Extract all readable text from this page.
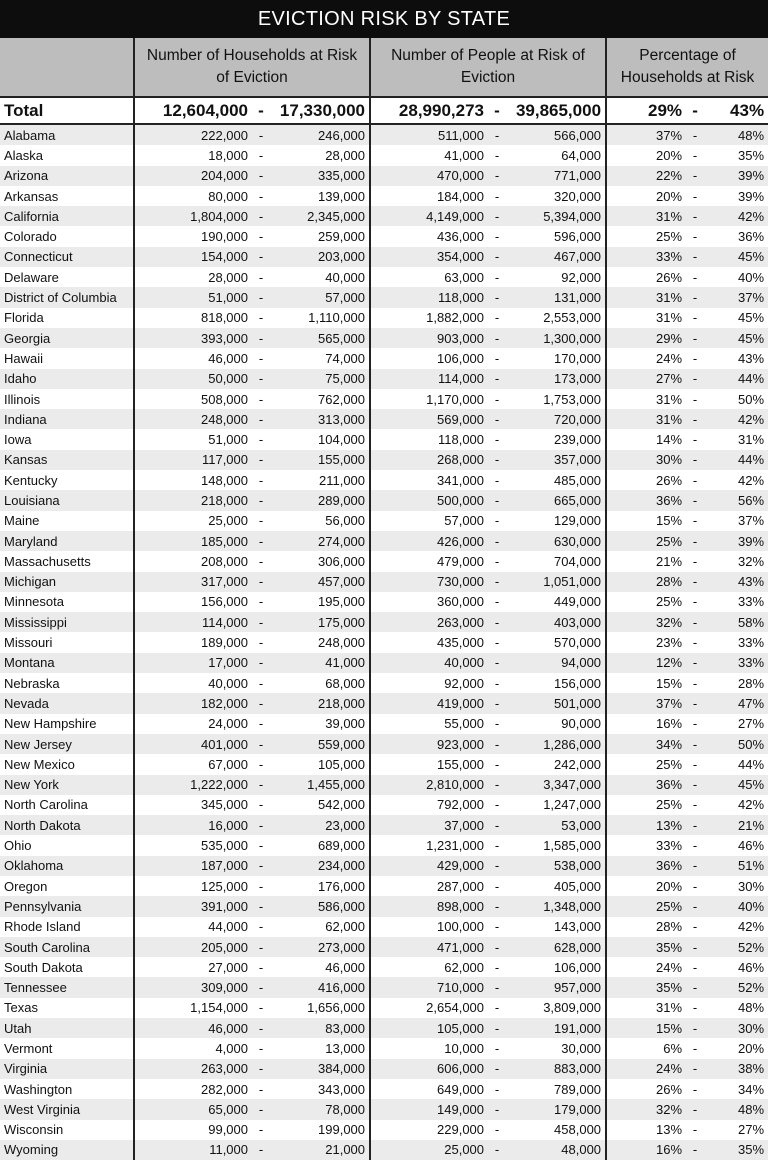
EVICTION RISK BY STATE
	Number of Households at Risk of Eviction			Number of People at Risk of Eviction			Percentage of Households at Risk		
Total	12,604,000	-	17,330,000	28,990,273	-	39,865,000	29%	-	43%
Alabama	222,000	-	246,000	511,000	-	566,000	37%	-	48%
Alaska	18,000	-	28,000	41,000	-	64,000	20%	-	35%
Arizona	204,000	-	335,000	470,000	-	771,000	22%	-	39%
Arkansas	80,000	-	139,000	184,000	-	320,000	20%	-	39%
California	1,804,000	-	2,345,000	4,149,000	-	5,394,000	31%	-	42%
Colorado	190,000	-	259,000	436,000	-	596,000	25%	-	36%
Connecticut	154,000	-	203,000	354,000	-	467,000	33%	-	45%
Delaware	28,000	-	40,000	63,000	-	92,000	26%	-	40%
District of Columbia	51,000	-	57,000	118,000	-	131,000	31%	-	37%
Florida	818,000	-	1,110,000	1,882,000	-	2,553,000	31%	-	45%
Georgia	393,000	-	565,000	903,000	-	1,300,000	29%	-	45%
Hawaii	46,000	-	74,000	106,000	-	170,000	24%	-	43%
Idaho	50,000	-	75,000	114,000	-	173,000	27%	-	44%
Illinois	508,000	-	762,000	1,170,000	-	1,753,000	31%	-	50%
Indiana	248,000	-	313,000	569,000	-	720,000	31%	-	42%
Iowa	51,000	-	104,000	118,000	-	239,000	14%	-	31%
Kansas	117,000	-	155,000	268,000	-	357,000	30%	-	44%
Kentucky	148,000	-	211,000	341,000	-	485,000	26%	-	42%
Louisiana	218,000	-	289,000	500,000	-	665,000	36%	-	56%
Maine	25,000	-	56,000	57,000	-	129,000	15%	-	37%
Maryland	185,000	-	274,000	426,000	-	630,000	25%	-	39%
Massachusetts	208,000	-	306,000	479,000	-	704,000	21%	-	32%
Michigan	317,000	-	457,000	730,000	-	1,051,000	28%	-	43%
Minnesota	156,000	-	195,000	360,000	-	449,000	25%	-	33%
Mississippi	114,000	-	175,000	263,000	-	403,000	32%	-	58%
Missouri	189,000	-	248,000	435,000	-	570,000	23%	-	33%
Montana	17,000	-	41,000	40,000	-	94,000	12%	-	33%
Nebraska	40,000	-	68,000	92,000	-	156,000	15%	-	28%
Nevada	182,000	-	218,000	419,000	-	501,000	37%	-	47%
New Hampshire	24,000	-	39,000	55,000	-	90,000	16%	-	27%
New Jersey	401,000	-	559,000	923,000	-	1,286,000	34%	-	50%
New Mexico	67,000	-	105,000	155,000	-	242,000	25%	-	44%
New York	1,222,000	-	1,455,000	2,810,000	-	3,347,000	36%	-	45%
North Carolina	345,000	-	542,000	792,000	-	1,247,000	25%	-	42%
North Dakota	16,000	-	23,000	37,000	-	53,000	13%	-	21%
Ohio	535,000	-	689,000	1,231,000	-	1,585,000	33%	-	46%
Oklahoma	187,000	-	234,000	429,000	-	538,000	36%	-	51%
Oregon	125,000	-	176,000	287,000	-	405,000	20%	-	30%
Pennsylvania	391,000	-	586,000	898,000	-	1,348,000	25%	-	40%
Rhode Island	44,000	-	62,000	100,000	-	143,000	28%	-	42%
South Carolina	205,000	-	273,000	471,000	-	628,000	35%	-	52%
South Dakota	27,000	-	46,000	62,000	-	106,000	24%	-	46%
Tennessee	309,000	-	416,000	710,000	-	957,000	35%	-	52%
Texas	1,154,000	-	1,656,000	2,654,000	-	3,809,000	31%	-	48%
Utah	46,000	-	83,000	105,000	-	191,000	15%	-	30%
Vermont	4,000	-	13,000	10,000	-	30,000	6%	-	20%
Virginia	263,000	-	384,000	606,000	-	883,000	24%	-	38%
Washington	282,000	-	343,000	649,000	-	789,000	26%	-	34%
West Virginia	65,000	-	78,000	149,000	-	179,000	32%	-	48%
Wisconsin	99,000	-	199,000	229,000	-	458,000	13%	-	27%
Wyoming	11,000	-	21,000	25,000	-	48,000	16%	-	35%
